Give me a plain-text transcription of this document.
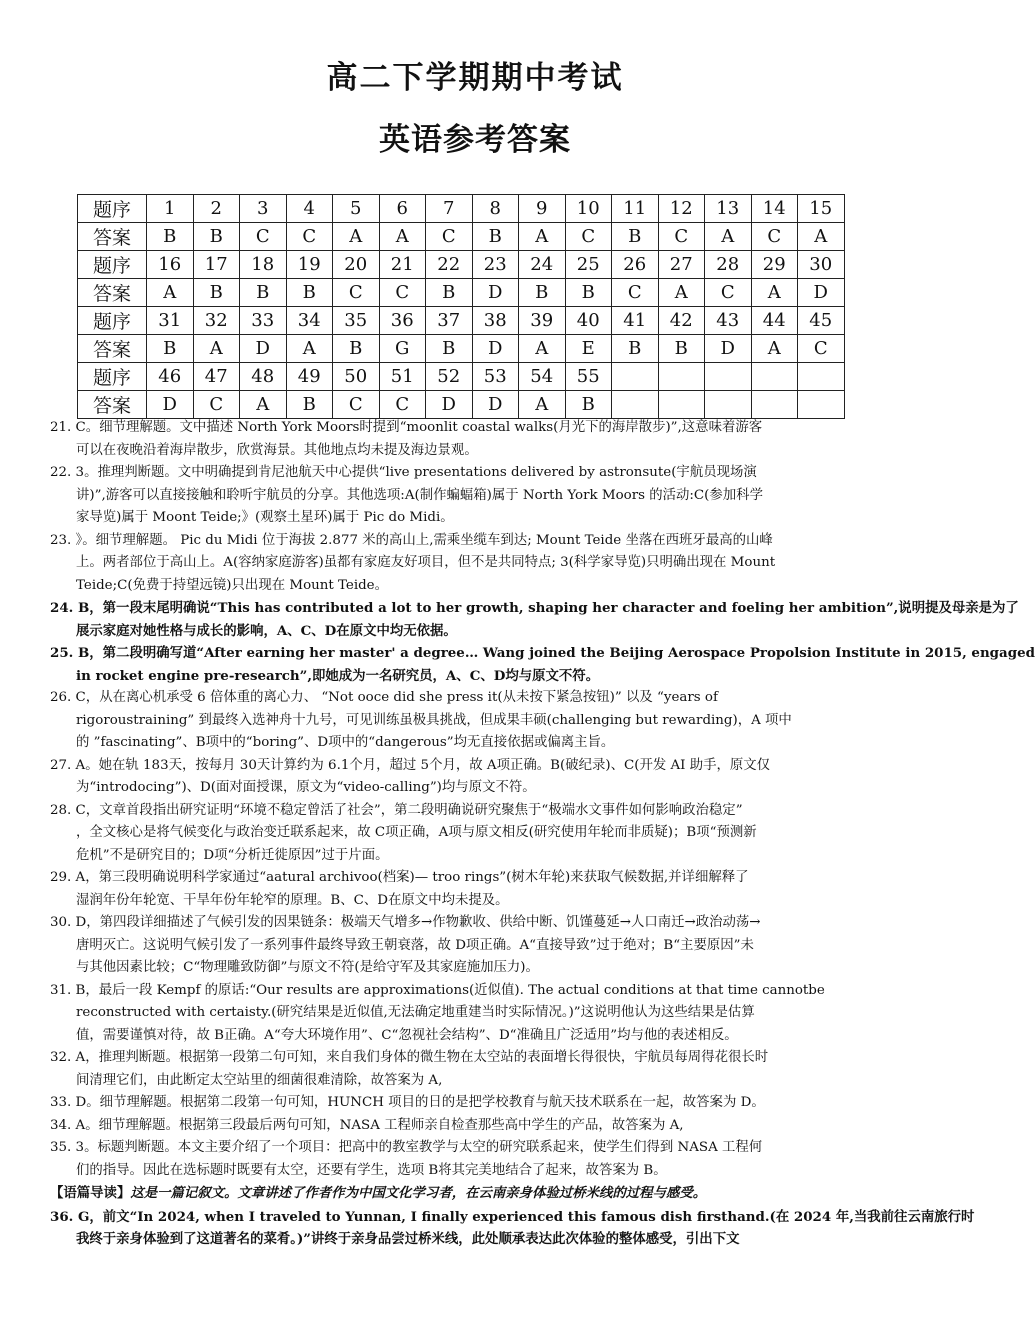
高二下学期期中考试
英语参考答案
题序	1	2	3	4	5	6	7	8	9	10	11	12	13	14	15
答案	B	B	C	C	A	A	C	B	A	C	B	C	A	C	A
题序	16	17	18	19	20	21	22	23	24	25	26	27	28	29	30
答案	A	B	B	B	C	C	B	D	B	B	C	A	C	A	D
题序	31	32	33	34	35	36	37	38	39	40	41	42	43	44	45
答案	B	A	D	A	B	G	B	D	A	E	B	B	D	A	C
题序	46	47	48	49	50	51	52	53	54	55					
答案	D	C	A	B	C	C	D	D	A	B					
21. C。细节理解题。文中描述 North York Moors时提到“moonlit coastal walks(月光下的海岸散步)”,这意味着游客
可以在夜晚沿着海岸散步，欣赏海景。其他地点均未提及海边景观。
22. 3。推理判断题。文中明确提到肯尼池航天中心提供“live presentations delivered by astronsute(宇航员现场演
讲)”,游客可以直接接触和聆听宇航员的分享。其他选项:A(制作蝙蝠箱)属于 North York Moors 的活动:C(参加科学
家导览)属于 Moont Teide;》(观察土星环)属于 Pic do Midi。
23. 》。细节理解题。 Pic du Midi 位于海拔 2.877 米的高山上,需乘坐缆车到达; Mount Teide 坐落在西班牙最高的山峰
上。两者部位于高山上。A(容纳家庭游客)虽都有家庭友好项目，但不是共同特点; 3(科学家导览)只明确出现在 Mount
Teide;C(免费于持望远镜)只出现在 Mount Teide。
24. B，第一段末尾明确说“This has contributed a lot to her growth, shaping her character and foeling her ambition”,说明提及母亲是为了
展示家庭对她性格与成长的影响，A、C、D在原文中均无依据。
25. B，第二段明确写道“After earning her master' a degree… Wang joined the Beijing Aerospace Propolsion Institute in 2015, engaged
in rocket engine pre-research”,即她成为一名研究员，A、C、D均与原文不符。
26. C，从在离心机承受 6 倍体重的离心力、 “Not ooce did she press it(从未按下紧急按钮)” 以及 “years of
rigoroustraining” 到最终入选神舟十九号，可见训练虽极具挑战，但成果丰硕(challenging but rewarding)，A 项中
的 ”fascinating”、B项中的“boring”、D项中的“dangerous”均无直接依据或偏离主旨。
27. A。她在轨 183天，按每月 30天计算约为 6.1个月，超过 5个月，故 A项正确。B(破纪录)、C(开发 AI 助手，原文仅
为“introdocing”)、D(面对面授课，原文为“video-calling”)均与原文不符。
28. C，文章首段指出研究证明“环境不稳定曾活了社会”，第二段明确说研究聚焦于“极端水文事件如何影响政治稳定”
，全文核心是将气候变化与政治变迁联系起来，故 C项正确，A项与原文相反(研究使用年轮而非质疑)；B项“预测新
危机”不是研究目的；D项“分析迁徙原因”过于片面。
29. A，第三段明确说明科学家通过“aatural archivoo(档案)— troo rings”(树木年轮)来获取气候数据,并详细解释了
湿润年份年轮宽、干旱年份年轮窄的原理。B、C、D在原文中均未提及。
30. D，第四段详细描述了气候引发的因果链条：极端天气增多→作物歉收、供给中断、饥馑蔓延→人口南迁→政治动荡→
唐明灭亡。这说明气候引发了一系列事件最终导致王朝衰落，故 D项正确。A“直接导致”过于绝对；B“主要原因”未
与其他因素比较；C“物理雕致防御”与原文不符(是给守军及其家庭施加压力)。
31. B，最后一段 Kempf 的原话:“Our results are approximations(近似值). The actual conditions at that time cannotbe
reconstructed with certaisty.(研究结果是近似值,无法确定地重建当时实际情况。)”这说明他认为这些结果是估算
值，需要谨慎对待，故 B正确。A“夸大环境作用”、C“忽视社会结构”、D“准确且广泛适用”均与他的表述相反。
32. A，推理判断题。根据第一段第二句可知，来自我们身体的微生物在太空站的表面增长得很快，宇航员每周得花很长时
间清理它们，由此断定太空站里的细菌很难清除，故答案为 A,
33. D。细节理解题。根据第二段第一句可知，HUNCH 项目的日的是把学校教育与航天技术联系在一起，故答案为 D。
34. A。细节理解题。根据第三段最后两句可知，NASA 工程师亲自检查那些高中学生的产品，故答案为 A,
35. 3。标题判断题。本文主要介绍了一个项目：把高中的教室教学与太空的研究联系起来，使学生们得到 NASA 工程何
们的指导。因此在选标题时既要有太空，还要有学生，选项 B将其完美地结合了起来，故答案为 B。
【语篇导读】这是一篇记叙文。文章讲述了作者作为中国文化学习者，在云南亲身体验过桥米线的过程与感受。
36. G，前文“In 2024, when I traveled to Yunnan, I finally experienced this famous dish firsthand.(在 2024 年,当我前往云南旅行时
我终于亲身体验到了这道著名的菜肴。)”讲终于亲身品尝过桥米线，此处顺承表达此次体验的整体感受，引出下文
